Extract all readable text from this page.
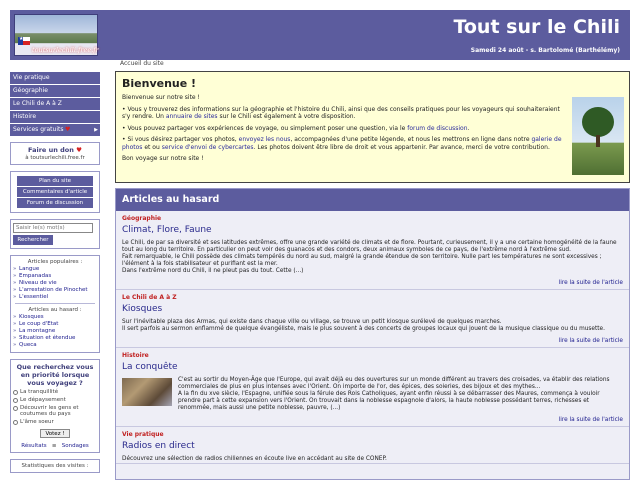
★
toutsurlechili.free.fr
Tout sur le Chili
Samedi 24 août - s. Bartolomé (Barthélémy)
Accueil du site
Vie pratique
Géographie
Le Chili de A à Z
Histoire
Services gratuits ♥	▶
Faire un don ♥
à toutsurlechili.free.fr
Plan du site
Commentaires d'article
Forum de discussion
Saisir le(s) mot(s)
Rechercher
Articles populaires :
» Langue
» Empanadas
» Niveau de vie
» L'arrestation de Pinochet
» L'essentiel
Articles au hasard :
» Kiosques
» Le coup d'Etat
» La montagne
» Situation et étendue
» Queca
Que recherchez vous en priorité lorsque vous voyagez ?
La tranquillité
Le dépaysement
Découvrir les gens et coutumes du pays
L'âme soeur
Votez !
Résultats ≡ Sondages
Statistiques des visites :
Bienvenue !

Bienvenue sur notre site !

• Vous y trouverez des informations sur la géographie et l'histoire du Chili, ainsi que des conseils pratiques pour les voyageurs qui souhaiteraient s'y rendre. Un annuaire de sites sur le Chili est également à votre disposition.

• Vous pouvez partager vos expériences de voyage, ou simplement poser une question, via le forum de discussion.

• Si vous désirez partager vos photos, envoyez les nous, accompagnées d'une petite légende, et nous les mettrons en ligne dans notre galerie de photos et ou service d'envoi de cybercartes. Les photos doivent être libre de droit et vous appartenir. Par avance, merci de votre contribution.

Bon voyage sur notre site !

Articles au hasard
Géographie
Climat, Flore, Faune
Le Chili, de par sa diversité et ses latitudes extrêmes, offre une grande variété de climats et de flore. Pourtant, curieusement, il y a une certaine homogénéité de la faune tout au long du territoire. En particulier on peut voir des guanacos et des condors, deux animaux symboles de ce pays, de l'extrême nord à l'extrême sud.
Fait remarquable, le Chili possède des climats tempérés du nord au sud, malgré la grande étendue de son territoire. Nulle part les températures ne sont excessives ; l'élément à la fois stabilisateur et purifiant est la mer.
Dans l'extrême nord du Chili, il ne pleut pas du tout. Cette (...)
lire la suite de l'article
Le Chili de A à Z
Kiosques
Sur l'inévitable plaza des Armas, qui existe dans chaque ville ou village, se trouve un petit kiosque surélevé de quelques marches.
Il sert parfois au sermon enflammé de quelque évangéliste, mais le plus souvent à des concerts de groupes locaux qui jouent de la musique classique ou du musette.
lire la suite de l'article
Histoire
La conquête
C'est au sortir du Moyen-Âge que l'Europe, qui avait déjà eu des ouvertures sur un monde différent au travers des croisades, va établir des relations commerciales de plus en plus intenses avec l'Orient. On importe de l'or, des épices, des soieries, des bijoux et des mythes...
A la fin du xve siècle, l'Espagne, unifiée sous la férule des Rois Catholiques, ayant enfin réussi à se débarrasser des Maures, commença à vouloir prendre part à cette expansion vers l'Orient. On trouvait dans la noblesse espagnole d'alors, la haute noblesse possédant terres, richesses et renommée, mais aussi une petite noblesse, pauvre, (...)
lire la suite de l'article
Vie pratique
Radios en direct
Découvrez une sélection de radios chiliennes en écoute live en accédant au site de CONEP.
